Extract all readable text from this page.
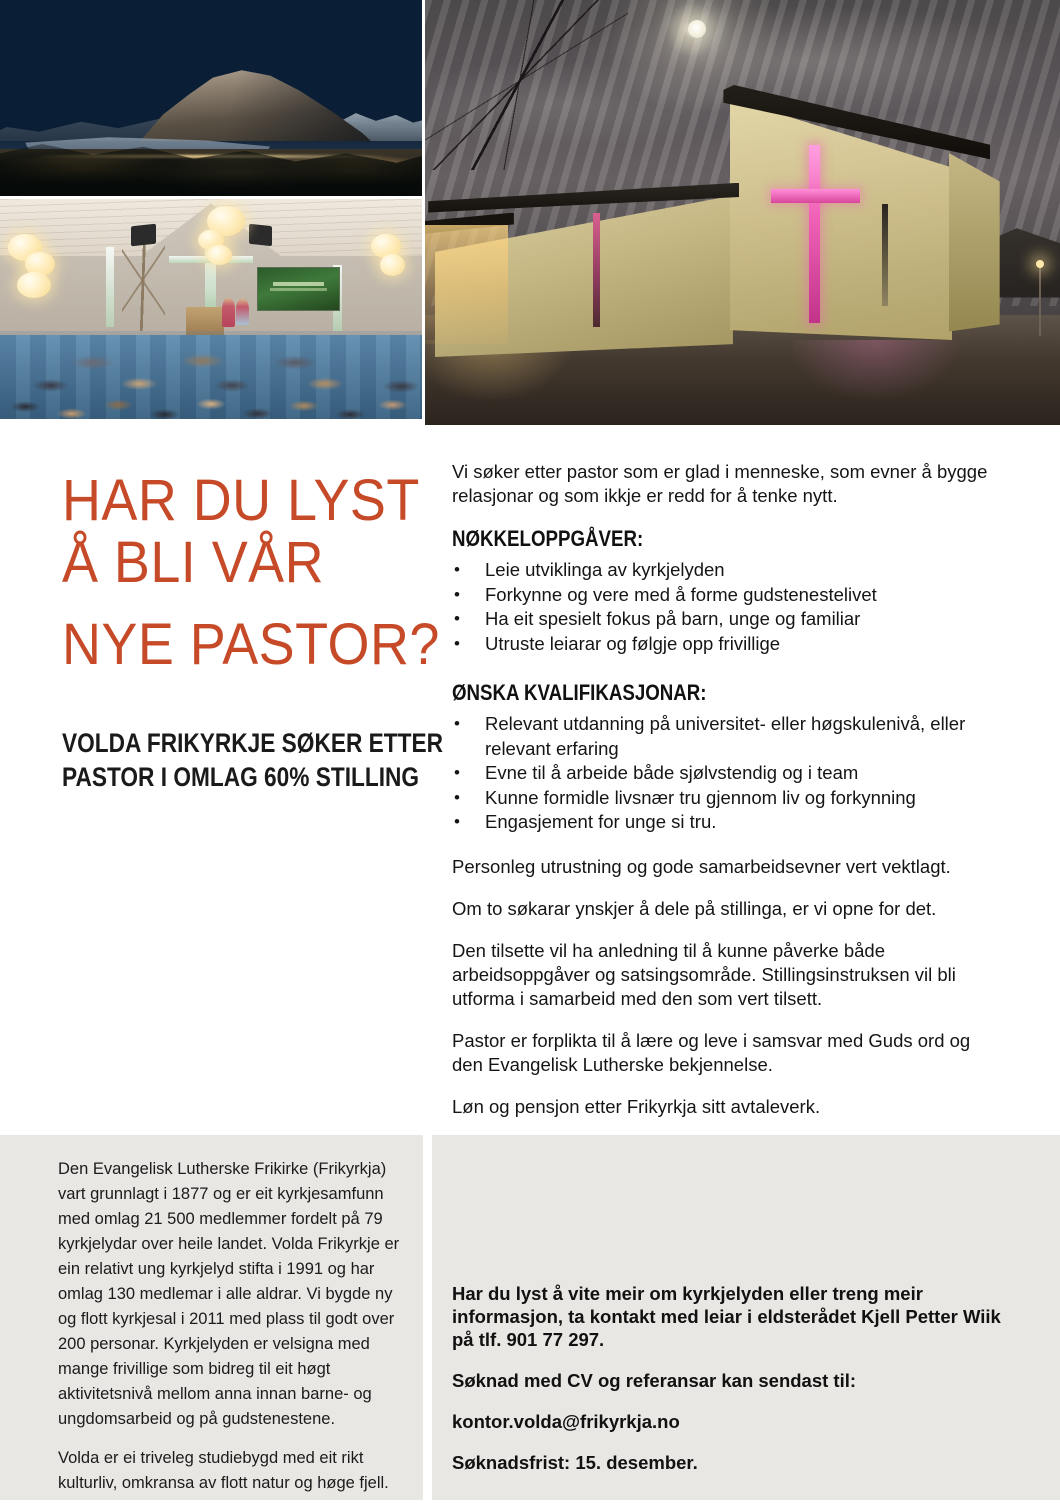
HAR DU LYST
Å BLI VÅR
NYE PASTOR?
VOLDA FRIKYRKJE SØKER ETTER
PASTOR I OMLAG 60% STILLING

Vi søker etter pastor som er glad i menneske, som evner å bygge relasjonar og som ikkje er redd for å tenke nytt.

NØKKELOPPGÅVER:
• Leie utviklinga av kyrkjelyden
• Forkynne og vere med å forme gudstenestelivet
• Ha eit spesielt fokus på barn, unge og familiar
• Utruste leiarar og følgje opp frivillige
ØNSKA KVALIFIKASJONAR:
• Relevant utdanning på universitet- eller høgskulenivå, eller relevant erfaring
• Evne til å arbeide både sjølvstendig og i team
• Kunne formidle livsnær tru gjennom liv og forkynning
• Engasjement for unge si tru.

Personleg utrustning og gode samarbeidsevner vert vektlagt.

Om to søkarar ynskjer å dele på stillinga, er vi opne for det.

Den tilsette vil ha anledning til å kunne påverke både arbeidsoppgåver og satsingsområde. Stillingsinstruksen vil bli utforma i samarbeid med den som vert tilsett.

Pastor er forplikta til å lære og leve i samsvar med Guds ord og den Evangelisk Lutherske bekjennelse.

Løn og pensjon etter Frikyrkja sitt avtaleverk.

Den Evangelisk Lutherske Frikirke (Frikyrkja) vart grunnlagt i 1877 og er eit kyrkjesamfunn med omlag 21 500 medlemmer fordelt på 79 kyrkjelydar over heile landet. Volda Frikyrkje er ein relativt ung kyrkjelyd stifta i 1991 og har omlag 130 medlemar i alle aldrar. Vi bygde ny og flott kyrkjesal i 2011 med plass til godt over 200 personar. Kyrkjelyden er velsigna med mange frivillige som bidreg til eit høgt aktivitetsnivå mellom anna innan barne- og ungdomsarbeid og på gudstenestene.

Volda er ei triveleg studiebygd med eit rikt kulturliv, omkransa av flott natur og høge fjell.

Har du lyst å vite meir om kyrkjelyden eller treng meir informasjon, ta kontakt med leiar i eldsterådet Kjell Petter Wiik på tlf. 901 77 297.

Søknad med CV og referansar kan sendast til:

kontor.volda@frikyrkja.no

Søknadsfrist: 15. desember.
